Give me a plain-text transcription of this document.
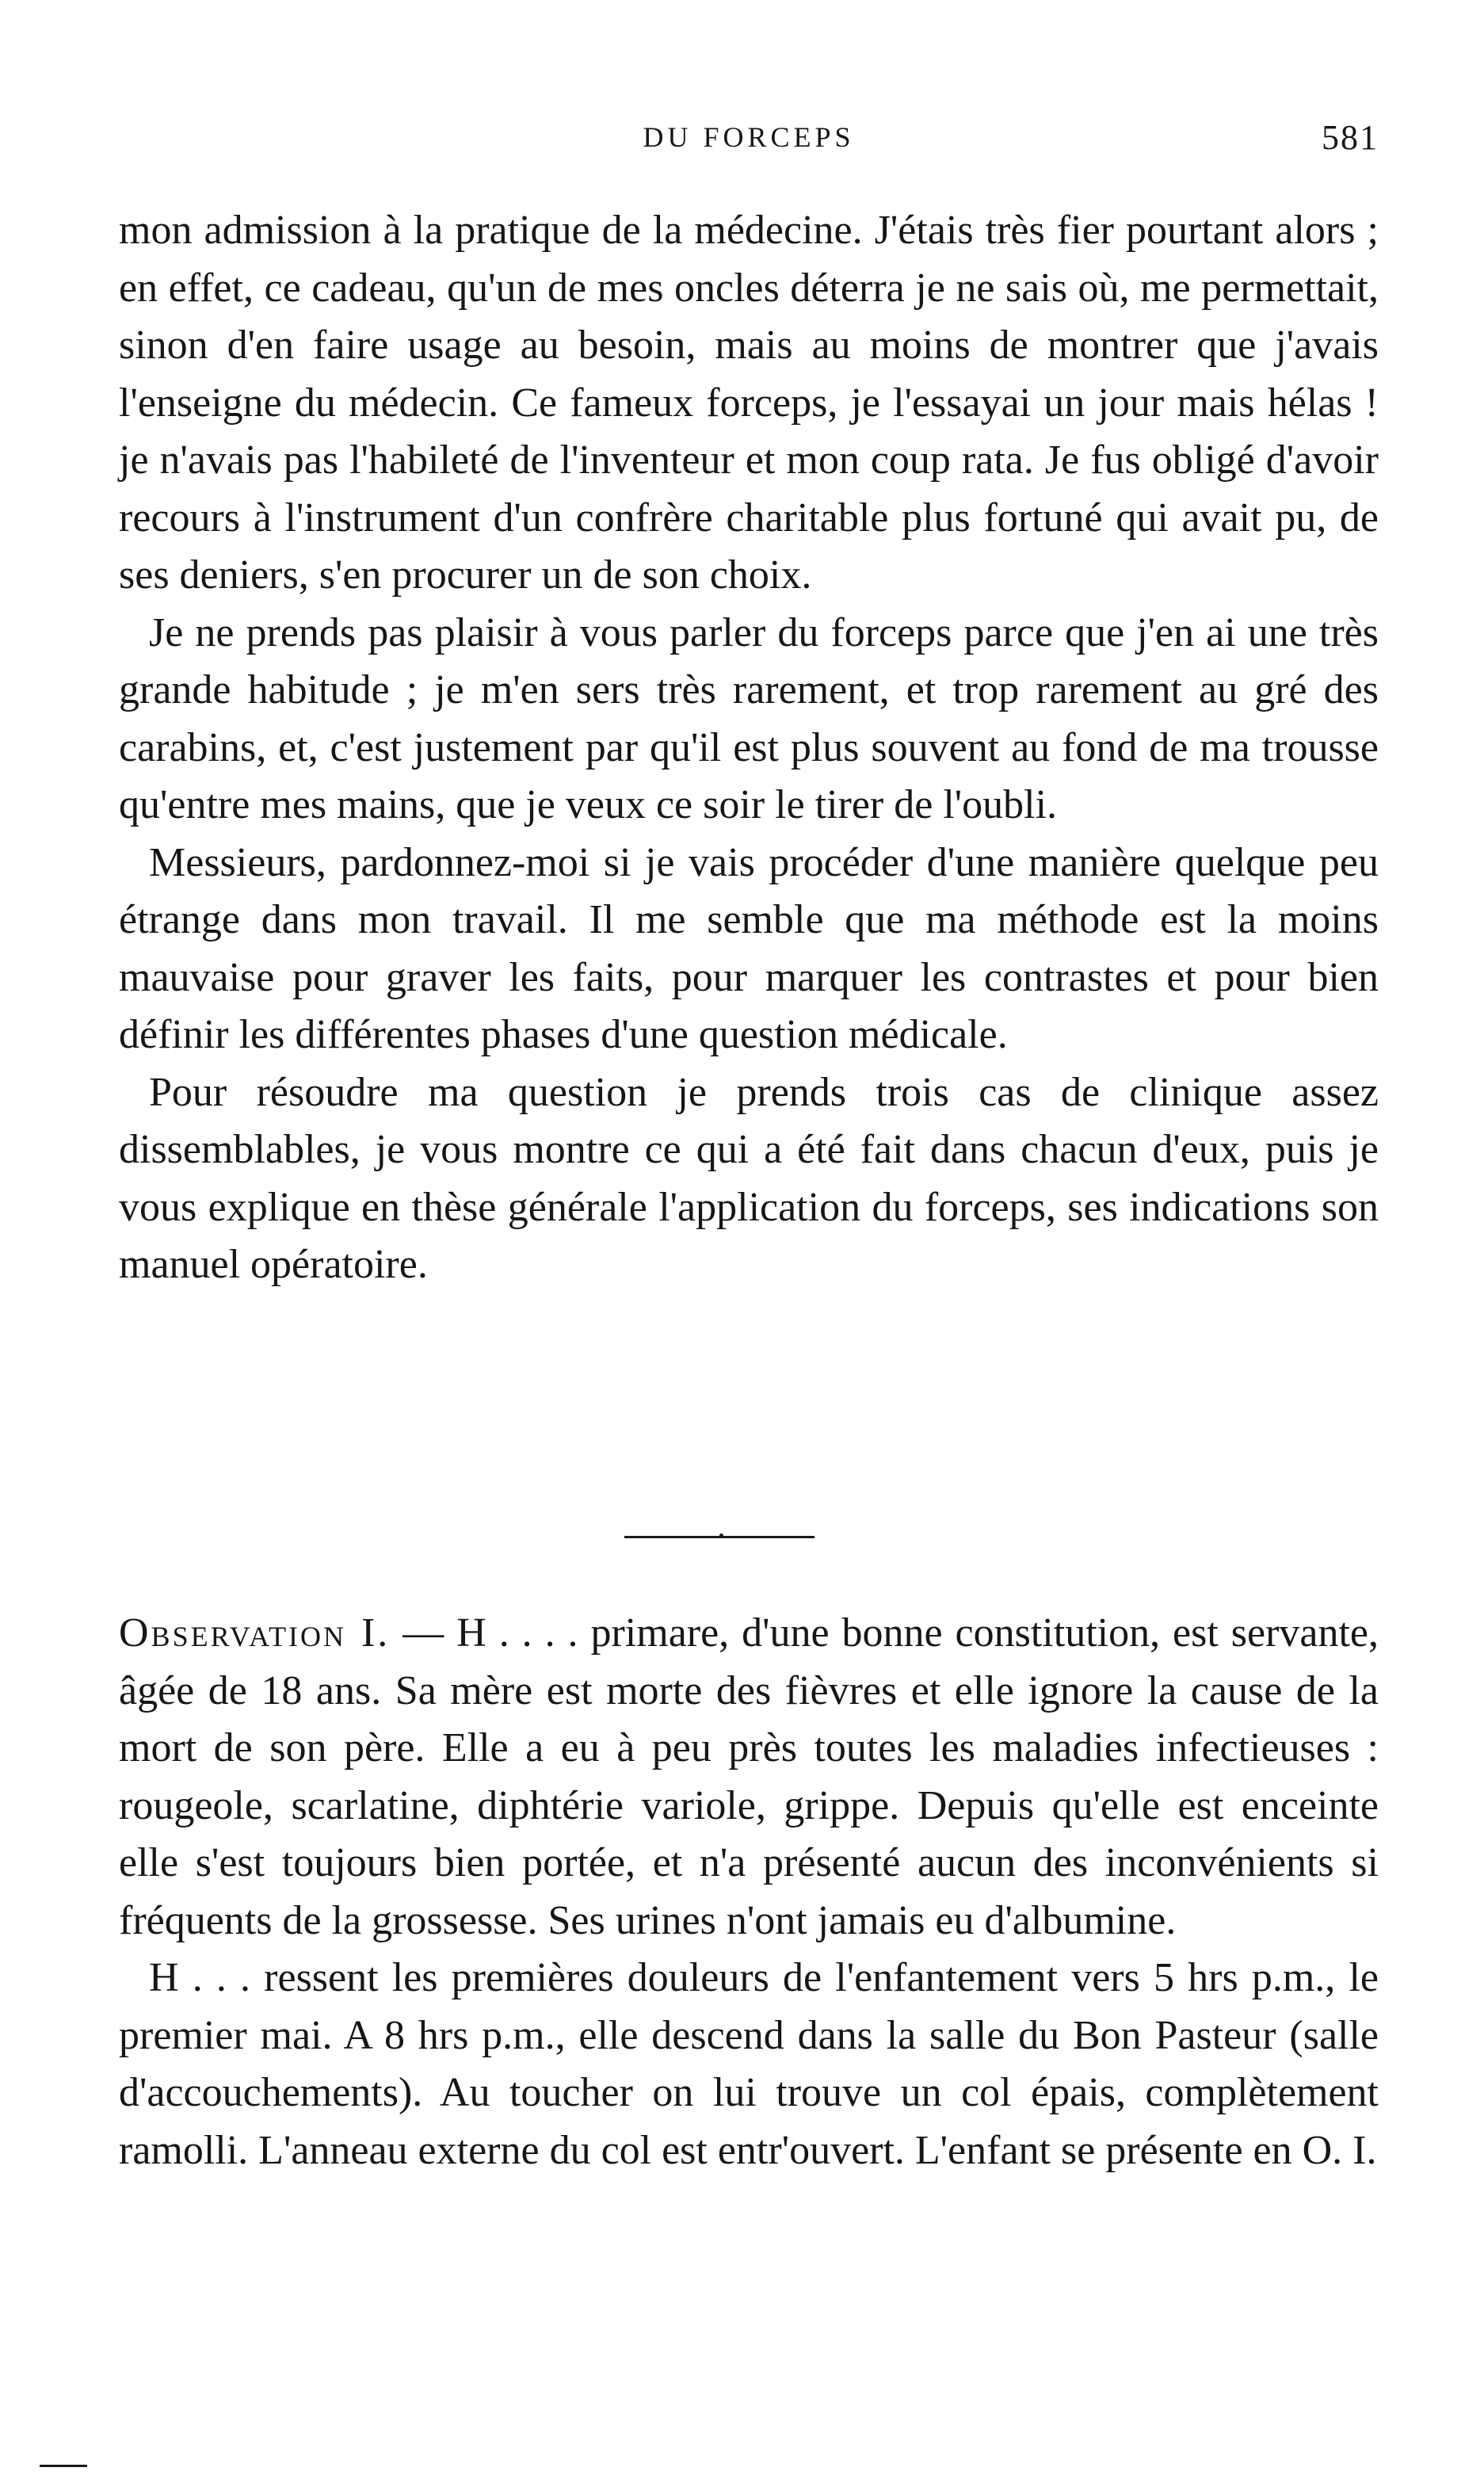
DU FORCEPS	581

mon admission à la pratique de la médecine. J'étais très fier pourtant alors ; en effet, ce cadeau, qu'un de mes oncles déterra je ne sais où, me permettait, sinon d'en faire usage au besoin, mais au moins de montrer que j'avais l'enseigne du médecin. Ce fameux forceps, je l'essayai un jour mais hélas ! je n'avais pas l'habileté de l'inventeur et mon coup rata. Je fus obligé d'avoir recours à l'instrument d'un confrère charitable plus fortuné qui avait pu, de ses deniers, s'en procurer un de son choix.

Je ne prends pas plaisir à vous parler du forceps parce que j'en ai une très grande habitude ; je m'en sers très rarement, et trop rarement au gré des carabins, et, c'est justement par qu'il est plus souvent au fond de ma trousse qu'entre mes mains, que je veux ce soir le tirer de l'oubli.

Messieurs, pardonnez-moi si je vais procéder d'une manière quelque peu étrange dans mon travail. Il me semble que ma méthode est la moins mauvaise pour graver les faits, pour marquer les contrastes et pour bien définir les différentes phases d'une question médicale.

Pour résoudre ma question je prends trois cas de clinique assez dissemblables, je vous montre ce qui a été fait dans chacun d'eux, puis je vous explique en thèse générale l'application du forceps, ses indications son manuel opératoire.

Observation I. — H . . . . primare, d'une bonne constitution, est servante, âgée de 18 ans. Sa mère est morte des fièvres et elle ignore la cause de la mort de son père. Elle a eu à peu près toutes les maladies infectieuses : rougeole, scarlatine, diphtérie variole, grippe. Depuis qu'elle est enceinte elle s'est toujours bien portée, et n'a présenté aucun des inconvénients si fréquents de la grossesse. Ses urines n'ont jamais eu d'albumine.

H . . . ressent les premières douleurs de l'enfantement vers 5 hrs p.m., le premier mai. A 8 hrs p.m., elle descend dans la salle du Bon Pasteur (salle d'accouchements). Au toucher on lui trouve un col épais, complètement ramolli. L'anneau externe du col est entr'ouvert. L'enfant se présente en O. I.
